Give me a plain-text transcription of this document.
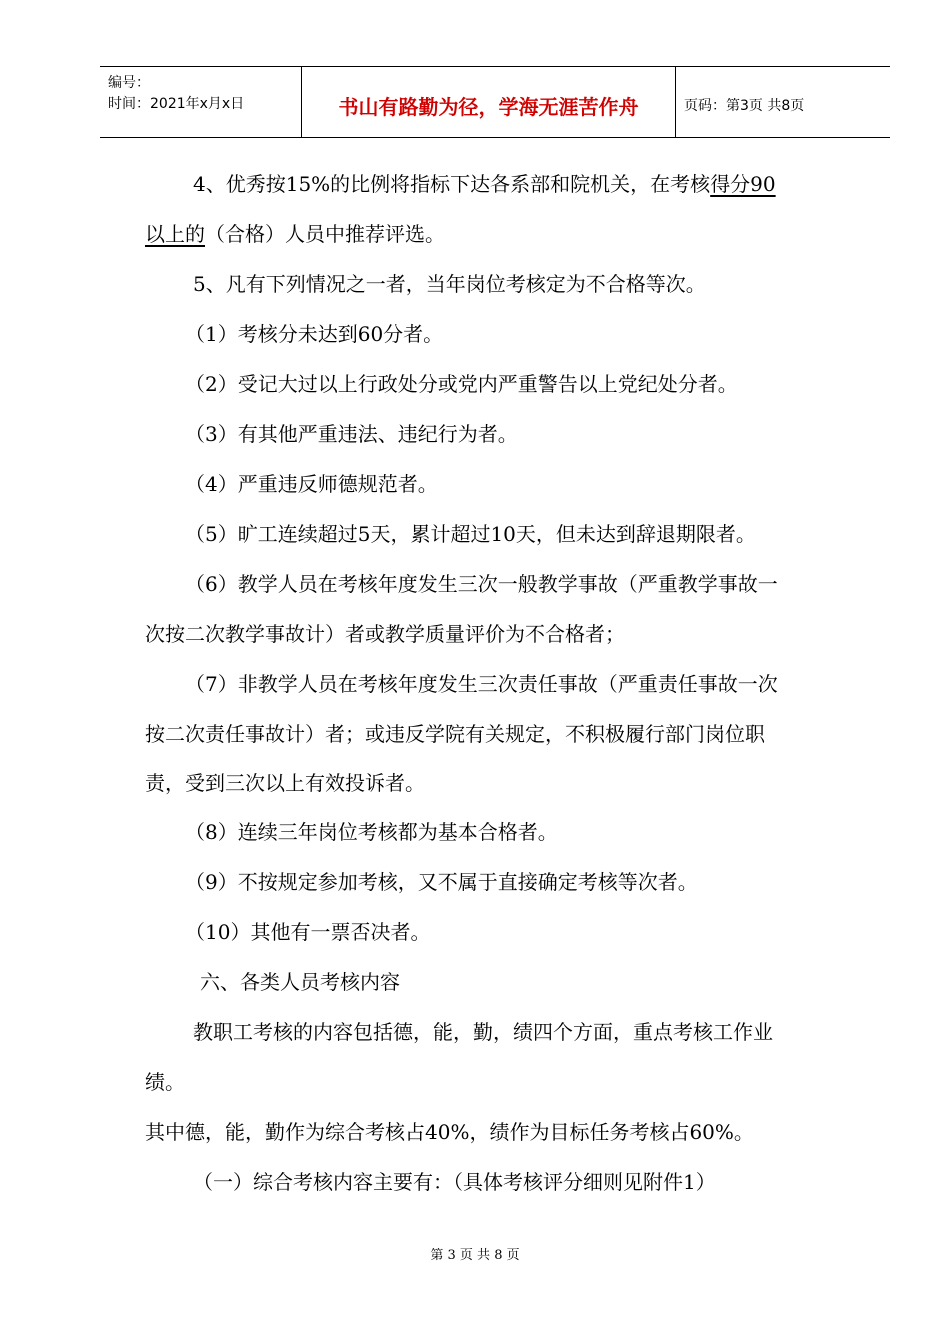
编号：
时间：2021年x月x日	书山有路勤为径，学海无涯苦作舟	页码：第3页 共8页
4、优秀按15%的比例将指标下达各系部和院机关，在考核得分90
以上的（合格）人员中推荐评选。
5、凡有下列情况之一者，当年岗位考核定为不合格等次。
（1）考核分未达到60分者。
（2）受记大过以上行政处分或党内严重警告以上党纪处分者。
（3）有其他严重违法、违纪行为者。
（4）严重违反师德规范者。
（5）旷工连续超过5天，累计超过10天，但未达到辞退期限者。
（6）教学人员在考核年度发生三次一般教学事故（严重教学事故一
次按二次教学事故计）者或教学质量评价为不合格者；
（7）非教学人员在考核年度发生三次责任事故（严重责任事故一次
按二次责任事故计）者；或违反学院有关规定，不积极履行部门岗位职
责，受到三次以上有效投诉者。
（8）连续三年岗位考核都为基本合格者。
（9）不按规定参加考核，又不属于直接确定考核等次者。
（10）其他有一票否决者。
六、各类人员考核内容
教职工考核的内容包括德，能，勤，绩四个方面，重点考核工作业
绩。
其中德，能，勤作为综合考核占40%，绩作为目标任务考核占60%。
（一）综合考核内容主要有：（具体考核评分细则见附件1）
第 3 页 共 8 页
